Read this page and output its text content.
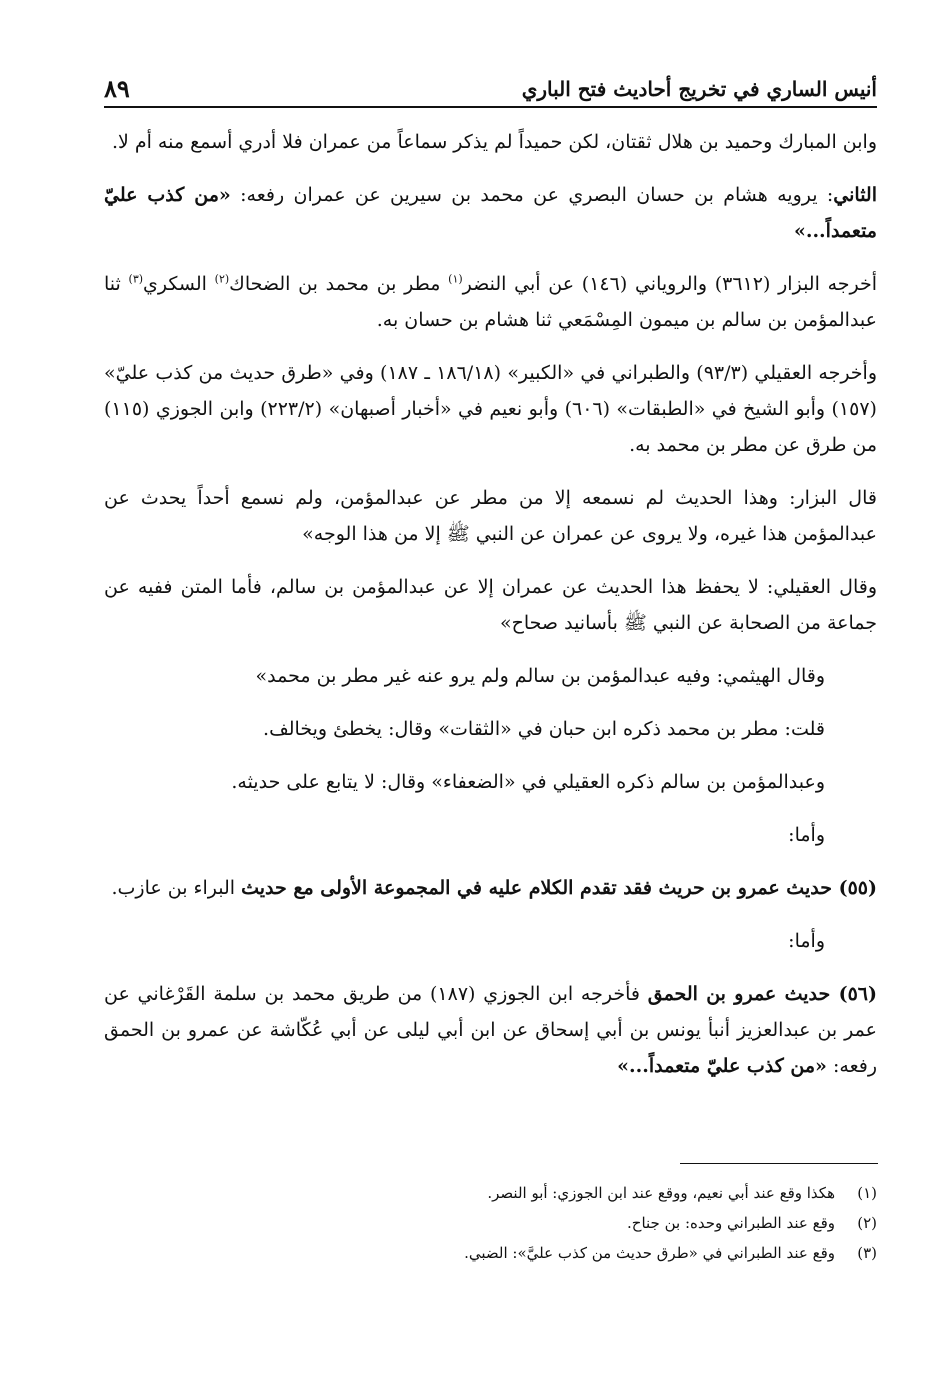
٨٩	أنيس الساري في تخريج أحاديث فتح الباري

وابن المبارك وحميد بن هلال ثقتان، لكن حميداً لم يذكر سماعاً من عمران فلا أدري أسمع منه أم لا.

الثاني: يرويه هشام بن حسان البصري عن محمد بن سيرين عن عمران رفعه: «من كذب عليّ متعمداً...»

أخرجه البزار (٣٦١٢) والروياني (١٤٦) عن أبي النضر$^{(١)}$ مطر بن محمد بن الضحاك$^{(٢)}$ السكري$^{(٣)}$ ثنا عبدالمؤمن بن سالم بن ميمون المِسْمَعي ثنا هشام بن حسان به.

وأخرجه العقيلي (٩٣/٣) والطبراني في «الكبير» (١٨٦/١٨ ـ ١٨٧) وفي «طرق حديث من كذب عليّ» (١٥٧) وأبو الشيخ في «الطبقات» (٦٠٦) وأبو نعيم في «أخبار أصبهان» (٢٢٣/٢) وابن الجوزي (١١٥) من طرق عن مطر بن محمد به.

قال البزار: وهذا الحديث لم نسمعه إلا من مطر عن عبدالمؤمن، ولم نسمع أحداً يحدث عن عبدالمؤمن هذا غيره، ولا يروى عن عمران عن النبي ﷺ إلا من هذا الوجه»

وقال العقيلي: لا يحفظ هذا الحديث عن عمران إلا عن عبدالمؤمن بن سالم، فأما المتن ففيه عن جماعة من الصحابة عن النبي ﷺ بأسانيد صحاح»

وقال الهيثمي: وفيه عبدالمؤمن بن سالم ولم يرو عنه غير مطر بن محمد»

قلت: مطر بن محمد ذكره ابن حبان في «الثقات» وقال: يخطئ ويخالف.

وعبدالمؤمن بن سالم ذكره العقيلي في «الضعفاء» وقال: لا يتابع على حديثه.

وأما:

(٥٥) حديث عمرو بن حريث فقد تقدم الكلام عليه في المجموعة الأولى مع حديث البراء بن عازب.

وأما:

(٥٦) حديث عمرو بن الحمق فأخرجه ابن الجوزي (١٨٧) من طريق محمد بن سلمة القَرْغاني عن عمر بن عبدالعزيز أنبأ يونس بن أبي إسحاق عن ابن أبي ليلى عن أبي عُكّاشة عن عمرو بن الحمق رفعه: «من كذب عليّ متعمداً...»

(١)هكذا وقع عند أبي نعيم، ووقع عند ابن الجوزي: أبو النصر.
(٢)وقع عند الطبراني وحده: بن جناح.
(٣)وقع عند الطبراني في «طرق حديث من كذب عليَّ»: الضبي.
